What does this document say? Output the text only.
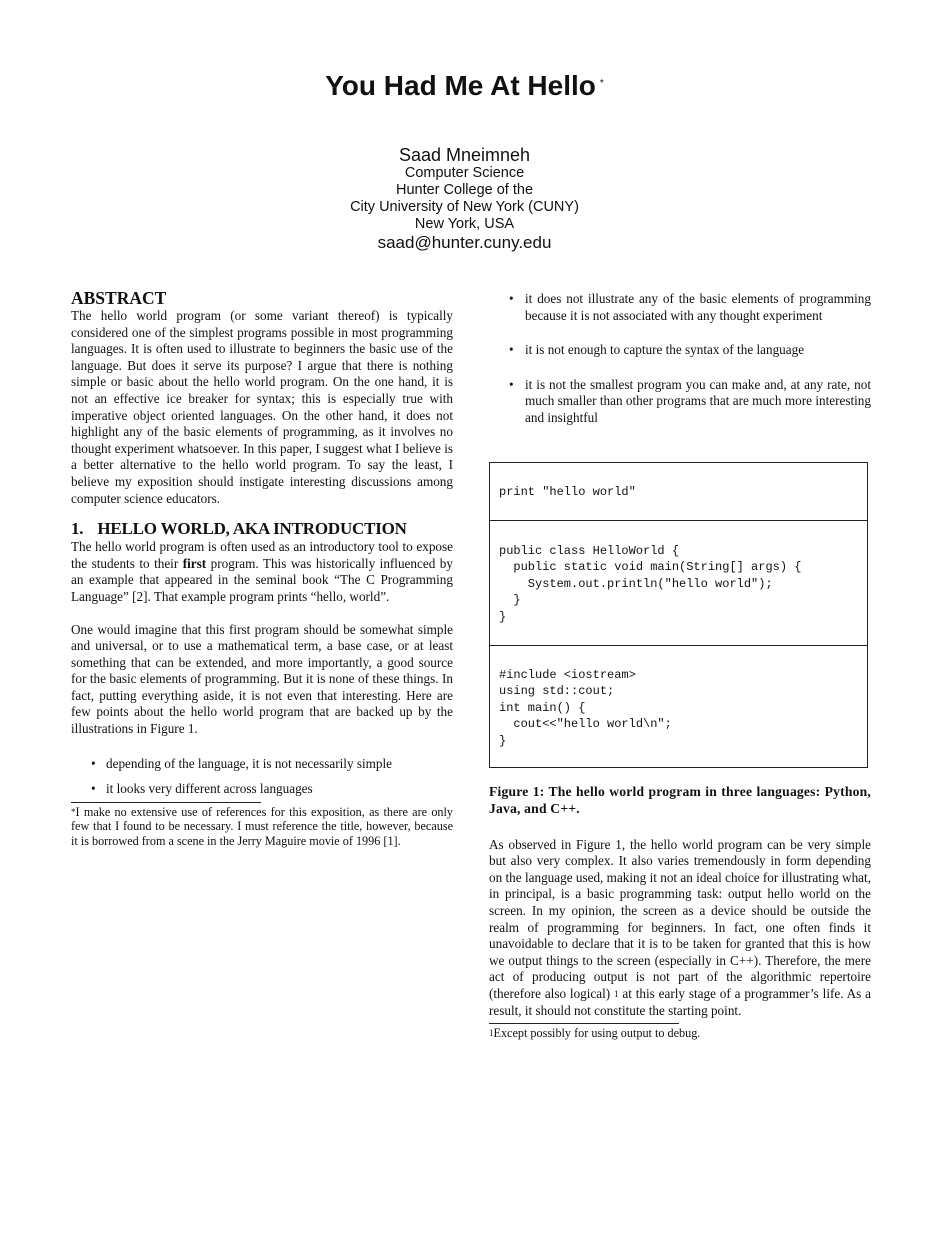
You Had Me At Hello *
Saad Mneimneh
Computer Science
Hunter College of the
City University of New York (CUNY)
New York, USA
saad@hunter.cuny.edu
ABSTRACT

The hello world program (or some variant thereof) is typically considered one of the simplest programs possible in most programming languages. It is often used to illustrate to beginners the basic use of the language. But does it serve its purpose? I argue that there is nothing simple or basic about the hello world program. On the one hand, it is not an effective ice breaker for syntax; this is especially true with imperative object oriented languages. On the other hand, it does not highlight any of the basic elements of programming, as it involves no thought experiment whatsoever. In this paper, I suggest what I believe is a better alternative to the hello world program. To say the least, I believe my exposition should instigate interesting discussions among computer science educators.

1. HELLO WORLD, AKA INTRODUCTION

The hello world program is often used as an introductory tool to expose the students to their first program. This was historically influenced by an example that appeared in the seminal book “The C Programming Language” [2]. That example program prints “hello, world”.

One would imagine that this first program should be somewhat simple and universal, or to use a mathematical term, a base case, or at least something that can be extended, and more importantly, a good source for the basic elements of programming. But it is none of these things. In fact, putting everything aside, it is not even that interesting. Here are few points about the hello world program that are backed up by the illustrations in Figure 1.

• depending of the language, it is not necessarily simple
• it looks very different across languages
*I make no extensive use of references for this exposition, as there are only few that I found to be necessary. I must reference the title, however, because it is borrowed from a scene in the Jerry Maguire movie of 1996 [1].
• it does not illustrate any of the basic elements of programming because it is not associated with any thought experiment
• it is not enough to capture the syntax of the language
• it is not the smallest program you can make and, at any rate, not much smaller than other programs that are much more interesting and insightful
print "hello world"
public class HelloWorld {
public static void main(String[] args) {
System.out.println("hello world");
}
}
#include <iostream>
using std::cout;
int main() {
cout<<"hello world\n";
}
Figure 1: The hello world program in three languages: Python, Java, and C++.

As observed in Figure 1, the hello world program can be very simple but also very complex. It also varies tremendously in form depending on the language used, making it not an ideal choice for illustrating what, in principal, is a basic programming task: output hello world on the screen. In my opinion, the screen as a device should be outside the realm of programming for beginners. In fact, one often finds it unavoidable to declare that it is to be taken for granted that this is how we output things to the screen (especially in C++). Therefore, the mere act of producing output is not part of the algorithmic repertoire (therefore also logical) $^1$ at this early stage of a programmer’s life. As a result, it should not constitute the starting point.

$^1$Except possibly for using output to debug.
